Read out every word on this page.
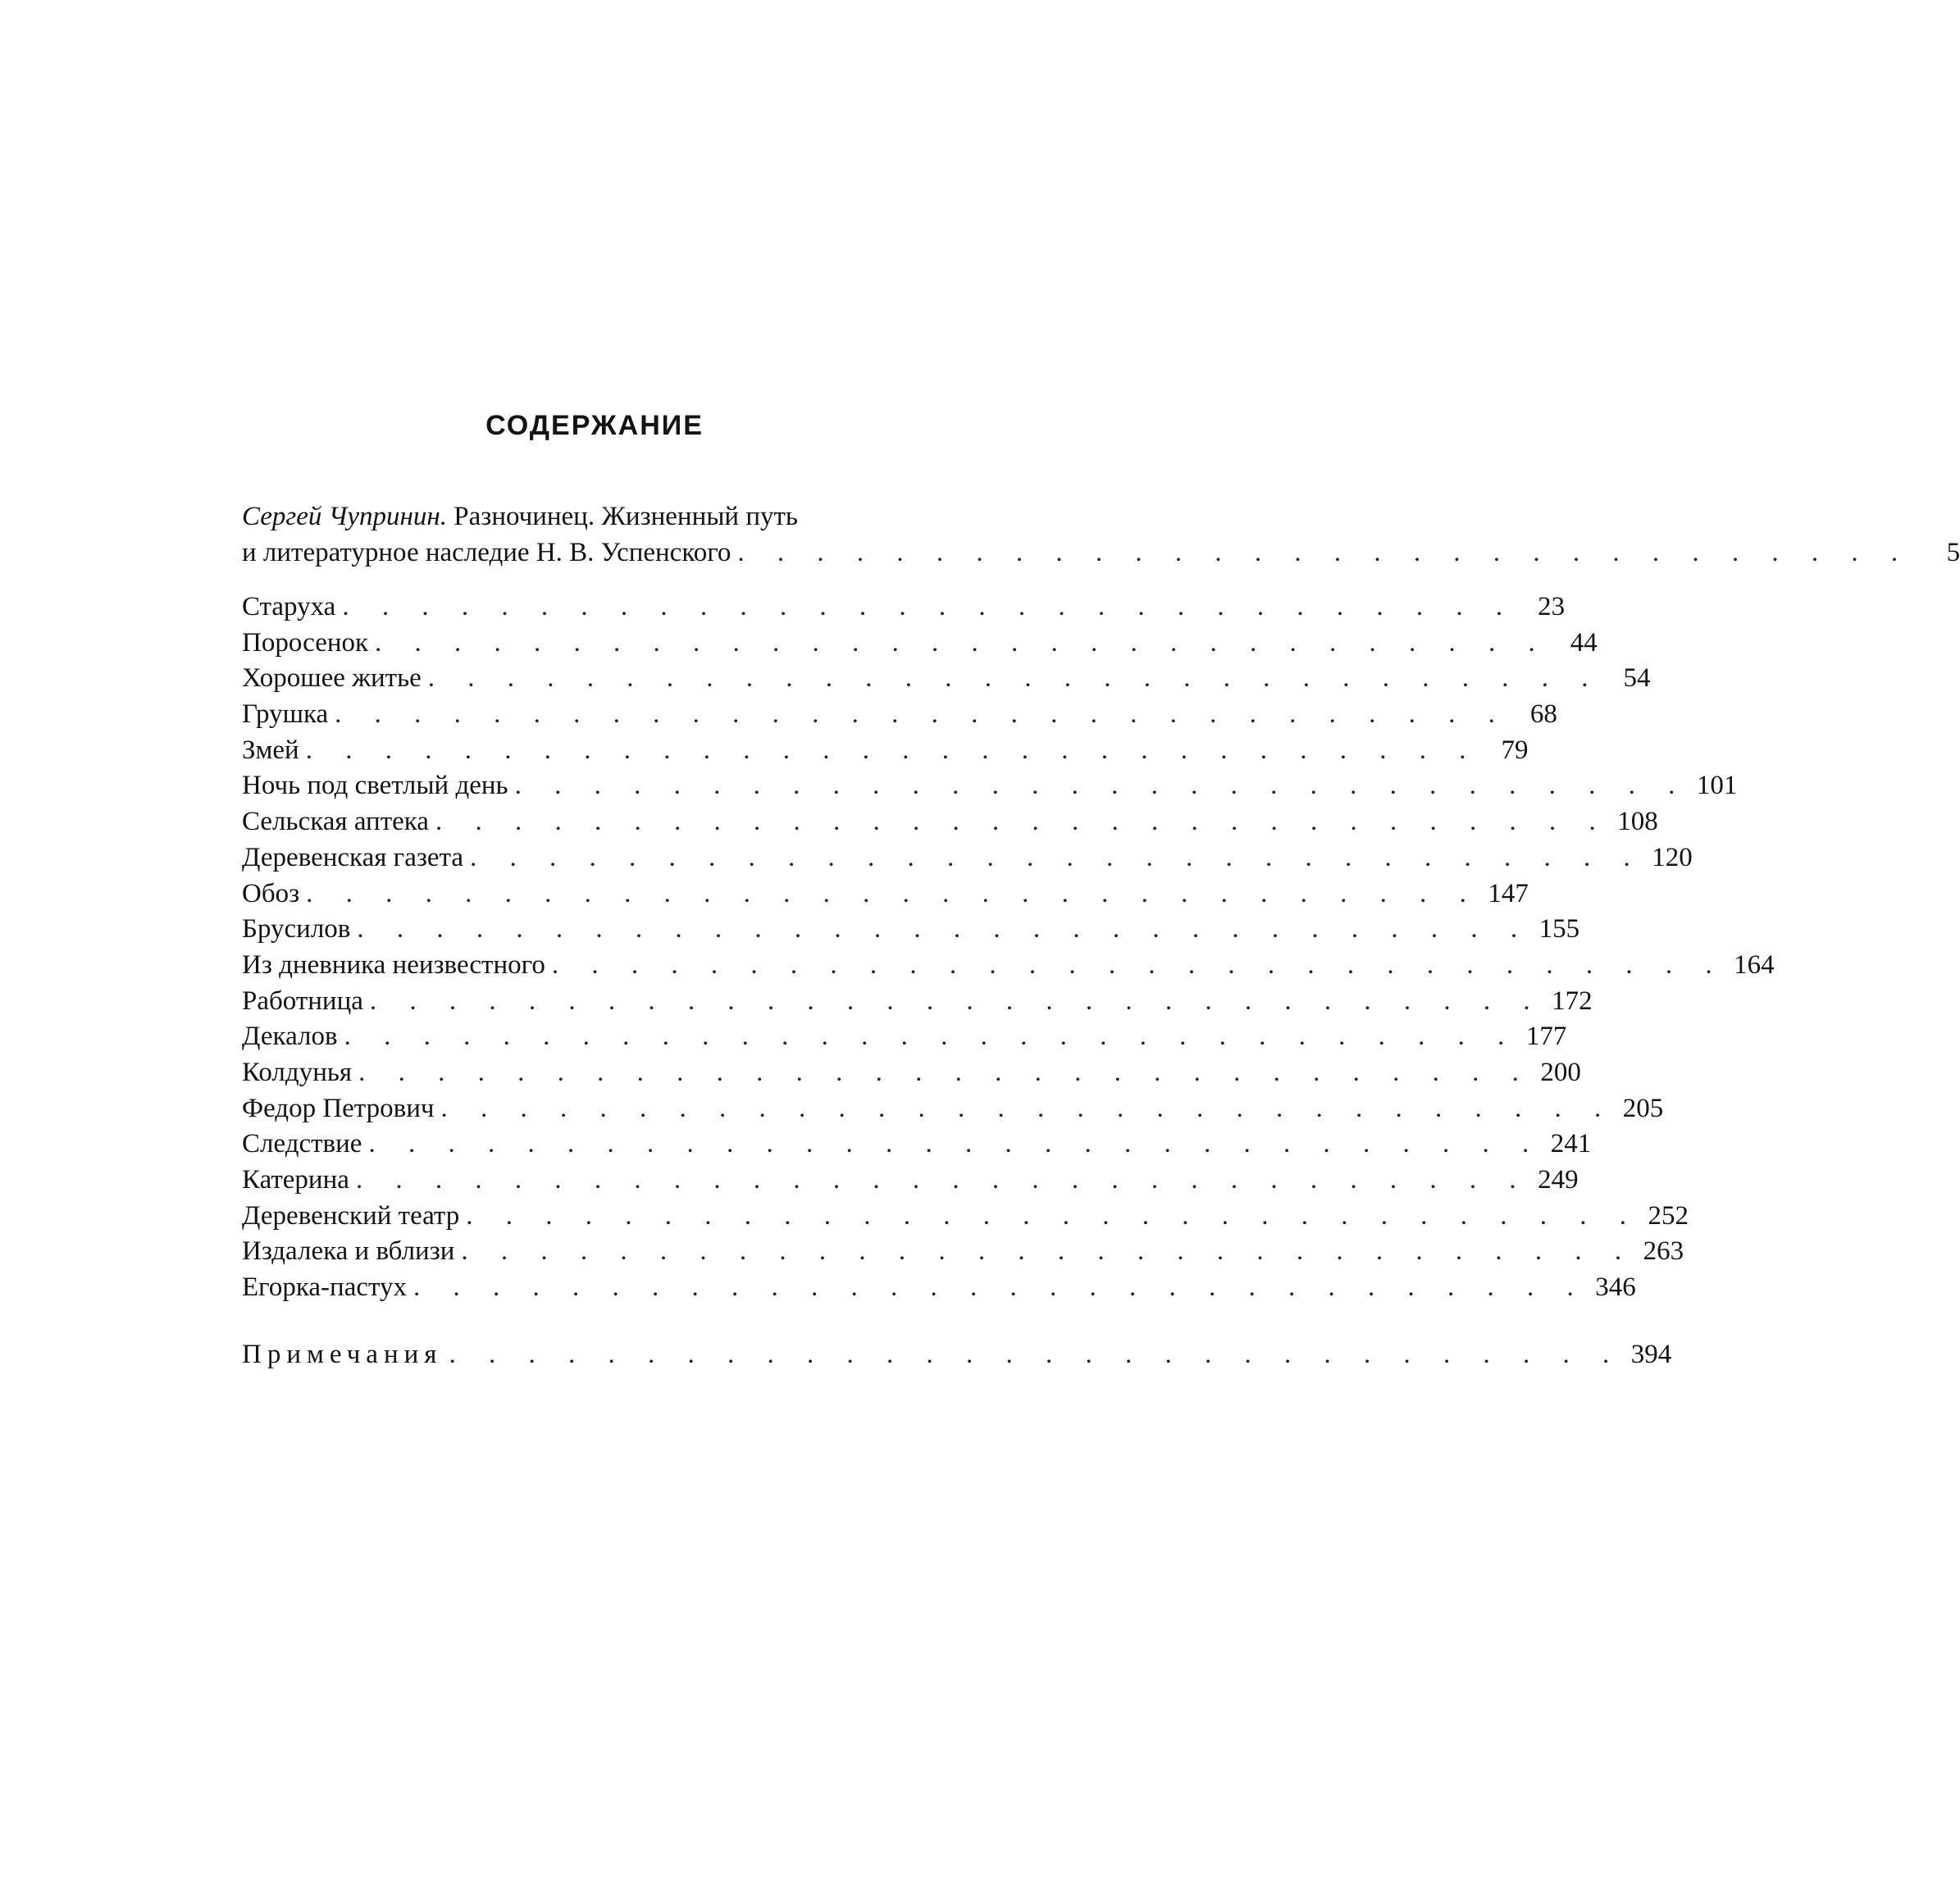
СОДЕРЖАНИЕ
Сергей Чупринин.
Разночинец. Жизненный путь
и литературное наследие Н. В. Успенского . . . . . . . . . . . . . . . . . . . . . . . . . . . . . .	5
Старуха . . . . . . . . . . . . . . . . . . . . . . . . . . . . . . 23
Поросенок . . . . . . . . . . . . . . . . . . . . . . . . . . . . . . 44
Хорошее житье . . . . . . . . . . . . . . . . . . . . . . . . . . . . . . 54
Грушка . . . . . . . . . . . . . . . . . . . . . . . . . . . . . . 68
Змей . . . . . . . . . . . . . . . . . . . . . . . . . . . . . . 79
Ночь под светлый день . . . . . . . . . . . . . . . . . . . . . . . . . . . . . . 101
Сельская аптека . . . . . . . . . . . . . . . . . . . . . . . . . . . . . . 108
Деревенская газета . . . . . . . . . . . . . . . . . . . . . . . . . . . . . . 120
Обоз . . . . . . . . . . . . . . . . . . . . . . . . . . . . . . 147
Брусилов . . . . . . . . . . . . . . . . . . . . . . . . . . . . . . 155
Из дневника неизвестного . . . . . . . . . . . . . . . . . . . . . . . . . . . . . . 164
Работница . . . . . . . . . . . . . . . . . . . . . . . . . . . . . . 172
Декалов . . . . . . . . . . . . . . . . . . . . . . . . . . . . . . 177
Колдунья . . . . . . . . . . . . . . . . . . . . . . . . . . . . . . 200
Федор Петрович . . . . . . . . . . . . . . . . . . . . . . . . . . . . . . 205
Следствие . . . . . . . . . . . . . . . . . . . . . . . . . . . . . . 241
Катерина . . . . . . . . . . . . . . . . . . . . . . . . . . . . . . 249
Деревенский театр . . . . . . . . . . . . . . . . . . . . . . . . . . . . . . 252
Издалека и вблизи . . . . . . . . . . . . . . . . . . . . . . . . . . . . . . 263
Егорка-пастух . . . . . . . . . . . . . . . . . . . . . . . . . . . . . . 346
Примечания . . . . . . . . . . . . . . . . . . . . . . . . . . . . . . 394
